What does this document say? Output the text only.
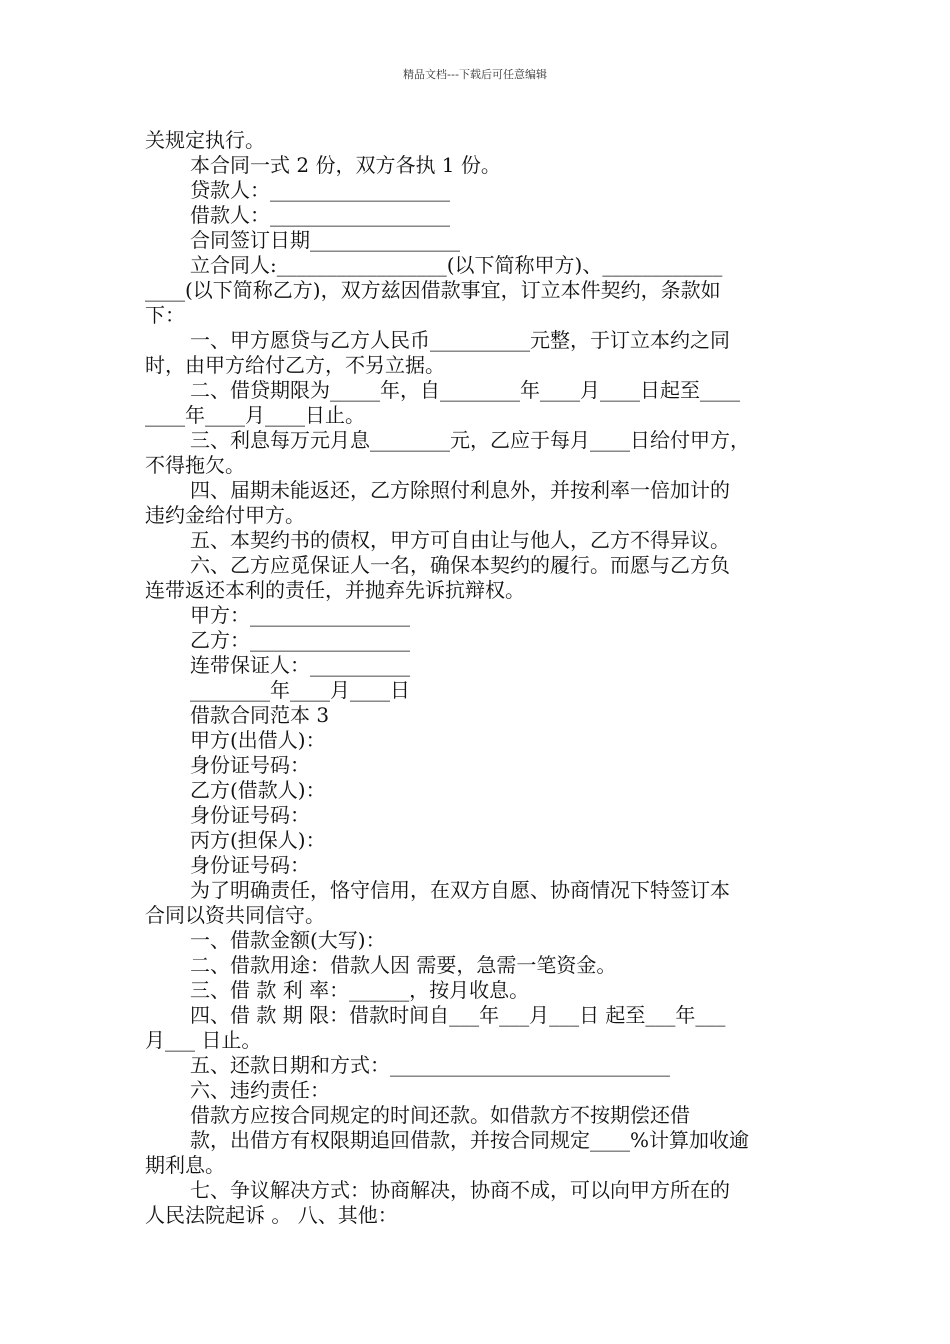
精品文档---下载后可任意编辑

关规定执行。

本合同一式 2 份，双方各执 1 份。

贷款人：__________________

借款人：__________________

合同签订日期_______________

立合同人:_________________(以下简称甲方)、____________

____(以下简称乙方)，双方兹因借款事宜，订立本件契约，条款如

下：

一、甲方愿贷与乙方人民币__________元整，于订立本约之同

时，由甲方给付乙方，不另立据。

二、借贷期限为_____年，自________年____月____日起至____

____年____月____日止。

三、利息每万元月息________元，乙应于每月____日给付甲方，

不得拖欠。

四、届期未能返还，乙方除照付利息外，并按利率一倍加计的

违约金给付甲方。

五、本契约书的债权，甲方可自由让与他人，乙方不得异议。

六、乙方应觅保证人一名，确保本契约的履行。而愿与乙方负

连带返还本利的责任，并抛弃先诉抗辩权。

甲方：________________

乙方：________________

连带保证人：__________

________年____月____日

借款合同范本 3

甲方(出借人)：

身份证号码：

乙方(借款人)：

身份证号码：

丙方(担保人)：

身份证号码：

为了明确责任，恪守信用，在双方自愿、协商情况下特签订本

合同以资共同信守。

一、借款金额(大写)：

二、借款用途：借款人因 需要，急需一笔资金。

三、借 款 利 率：______，按月收息。

四、借 款 期 限：借款时间自___年___月___日 起至___年___

月___ 日止。

五、还款日期和方式：____________________________

六、违约责任：

借款方应按合同规定的时间还款。如借款方不按期偿还借

款，出借方有权限期追回借款，并按合同规定____%计算加收逾

期利息。

七、争议解决方式：协商解决，协商不成，可以向甲方所在的

人民法院起诉 。 八、其他：
